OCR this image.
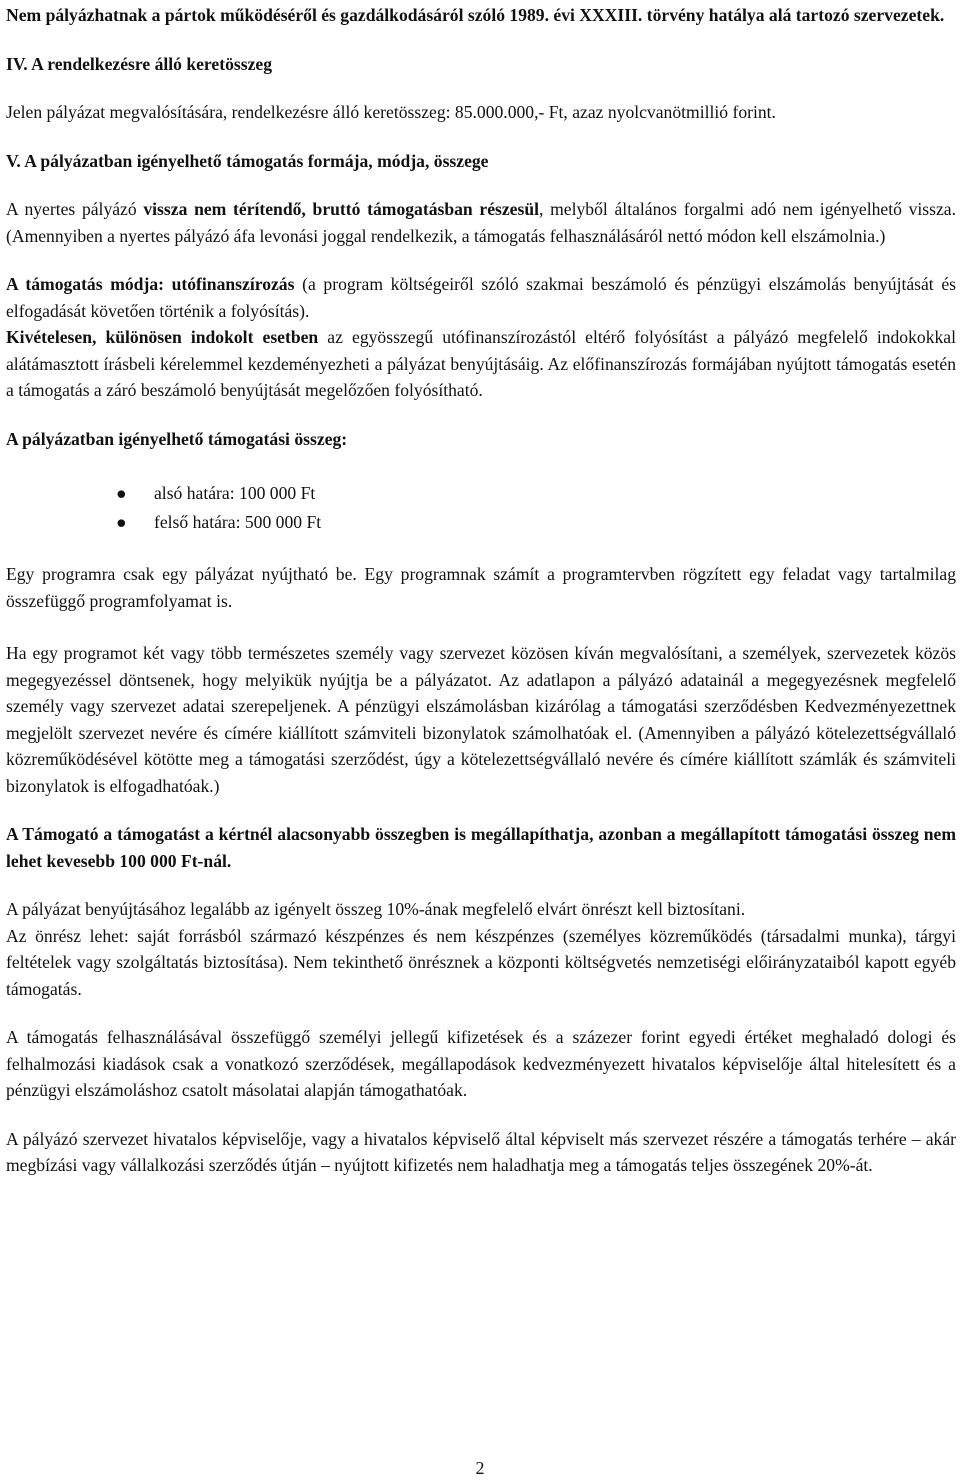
Nem pályázhatnak a pártok működéséről és gazdálkodásáról szóló 1989. évi XXXIII. törvény hatálya alá tartozó szervezetek.

IV. A rendelkezésre álló keretösszeg

Jelen pályázat megvalósítására, rendelkezésre álló keretösszeg: 85.000.000,- Ft, azaz nyolcvanötmillió forint.

V. A pályázatban igényelhető támogatás formája, módja, összege

A nyertes pályázó vissza nem térítendő, bruttó támogatásban részesül, melyből általános forgalmi adó nem igényelhető vissza. (Amennyiben a nyertes pályázó áfa levonási joggal rendelkezik, a támogatás felhasználásáról nettó módon kell elszámolnia.)

A támogatás módja: utófinanszírozás (a program költségeiről szóló szakmai beszámoló és pénzügyi elszámolás benyújtását és elfogadását követően történik a folyósítás).

Kivételesen, különösen indokolt esetben az egyösszegű utófinanszírozástól eltérő folyósítást a pályázó megfelelő indokokkal alátámasztott írásbeli kérelemmel kezdeményezheti a pályázat benyújtásáig. Az előfinanszírozás formájában nyújtott támogatás esetén a támogatás a záró beszámoló benyújtását megelőzően folyósítható.

A pályázatban igényelhető támogatási összeg:

● alsó határa: 100 000 Ft
● felső határa: 500 000 Ft

Egy programra csak egy pályázat nyújtható be. Egy programnak számít a programtervben rögzített egy feladat vagy tartalmilag összefüggő programfolyamat is.

Ha egy programot két vagy több természetes személy vagy szervezet közösen kíván megvalósítani, a személyek, szervezetek közös megegyezéssel döntsenek, hogy melyikük nyújtja be a pályázatot. Az adatlapon a pályázó adatainál a megegyezésnek megfelelő személy vagy szervezet adatai szerepeljenek. A pénzügyi elszámolásban kizárólag a támogatási szerződésben Kedvezményezettnek megjelölt szervezet nevére és címére kiállított számviteli bizonylatok számolhatóak el. (Amennyiben a pályázó kötelezettségvállaló közreműködésével kötötte meg a támogatási szerződést, úgy a kötelezettségvállaló nevére és címére kiállított számlák és számviteli bizonylatok is elfogadhatóak.)

A Támogató a támogatást a kértnél alacsonyabb összegben is megállapíthatja, azonban a megállapított támogatási összeg nem lehet kevesebb 100 000 Ft-nál.

A pályázat benyújtásához legalább az igényelt összeg 10%-ának megfelelő elvárt önrészt kell biztosítani.

Az önrész lehet: saját forrásból származó készpénzes és nem készpénzes (személyes közreműködés (társadalmi munka), tárgyi feltételek vagy szolgáltatás biztosítása). Nem tekinthető önrésznek a központi költségvetés nemzetiségi előirányzataiból kapott egyéb támogatás.

A támogatás felhasználásával összefüggő személyi jellegű kifizetések és a százezer forint egyedi értéket meghaladó dologi és felhalmozási kiadások csak a vonatkozó szerződések, megállapodások kedvezményezett hivatalos képviselője által hitelesített és a pénzügyi elszámoláshoz csatolt másolatai alapján támogathatóak.

A pályázó szervezet hivatalos képviselője, vagy a hivatalos képviselő által képviselt más szervezet részére a támogatás terhére – akár megbízási vagy vállalkozási szerződés útján – nyújtott kifizetés nem haladhatja meg a támogatás teljes összegének 20%-át.

2
